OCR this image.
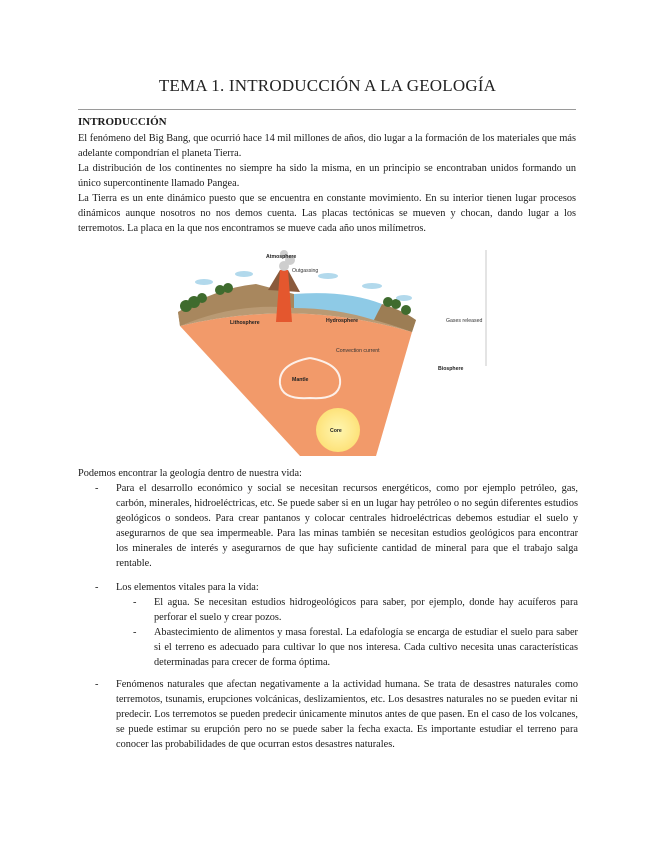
TEMA 1. INTRODUCCIÓN A LA GEOLOGÍA
INTRODUCCIÓN

El fenómeno del Big Bang, que ocurrió hace 14 mil millones de años, dio lugar a la formación de los materiales que más adelante compondrían el planeta Tierra.

La distribución de los continentes no siempre ha sido la misma, en un principio se encontraban unidos formando un único supercontinente llamado Pangea.

La Tierra es un ente dinámico puesto que se encuentra en constante movimiento. En su interior tienen lugar procesos dinámicos aunque nosotros no nos demos cuenta. Las placas tectónicas se mueven y chocan, dando lugar a los terremotos. La placa en la que nos encontramos se mueve cada año unos milímetros.

Atmosphere
Outgassing
Lithosphere	Hydrosphere	Gases released
Biosphere
Convection current
Mantle
Core
Podemos encontrar la geología dentro de nuestra vida:
- Para el desarrollo económico y social se necesitan recursos energéticos, como por ejemplo petróleo, gas, carbón, minerales, hidroeléctricas, etc. Se puede saber si en un lugar hay petróleo o no según diferentes estudios geológicos o sondeos. Para crear pantanos y colocar centrales hidroeléctricas debemos estudiar el suelo y asegurarnos de que sea impermeable. Para las minas también se necesitan estudios geológicos para encontrar los minerales de interés y asegurarnos de que hay suficiente cantidad de mineral para que el trabajo salga rentable.
- Los elementos vitales para la vida:
- El agua. Se necesitan estudios hidrogeológicos para saber, por ejemplo, donde hay acuíferos para perforar el suelo y crear pozos.
- Abastecimiento de alimentos y masa forestal. La edafología se encarga de estudiar el suelo para saber si el terreno es adecuado para cultivar lo que nos interesa. Cada cultivo necesita unas características determinadas para crecer de forma óptima.
- Fenómenos naturales que afectan negativamente a la actividad humana. Se trata de desastres naturales como terremotos, tsunamis, erupciones volcánicas, deslizamientos, etc. Los desastres naturales no se pueden evitar ni predecir. Los terremotos se pueden predecir únicamente minutos antes de que pasen. En el caso de los volcanes, se puede estimar su erupción pero no se puede saber la fecha exacta. Es importante estudiar el terreno para conocer las probabilidades de que ocurran estos desastres naturales.
